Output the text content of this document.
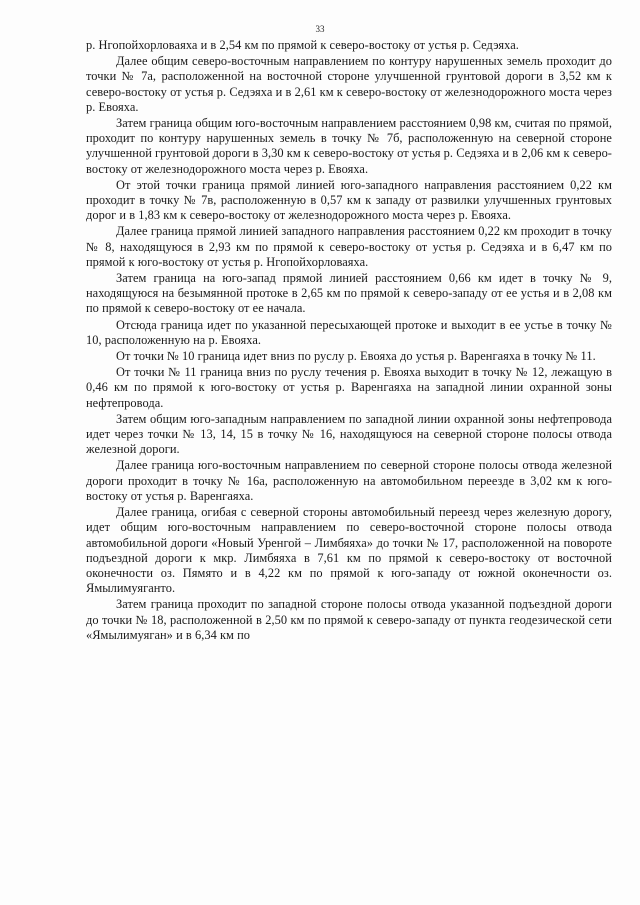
33

р. Нгопойхорловаяха и в 2,54 км по прямой к северо-востоку от устья р. Седэяха.

Далее общим северо-восточным направлением по контуру нарушенных земель проходит до точки № 7а, расположенной на восточной стороне улучшенной грунтовой дороги в 3,52 км к северо-востоку от устья р. Седэяха и в 2,61 км к северо-востоку от железнодорожного моста через р. Евояха.

Затем граница общим юго-восточным направлением расстоянием 0,98 км, считая по прямой, проходит по контуру нарушенных земель в точку № 7б, расположенную на северной стороне улучшенной грунтовой дороги в 3,30 км к северо-востоку от устья р. Седэяха и в 2,06 км к северо-востоку от железнодорожного моста через р. Евояха.

От этой точки граница прямой линией юго-западного направления расстоянием 0,22 км проходит в точку № 7в, расположенную в 0,57 км к западу от развилки улучшенных грунтовых дорог и в 1,83 км к северо-востоку от железнодорожного моста через р. Евояха.

Далее граница прямой линией западного направления расстоянием 0,22 км проходит в точку № 8, находящуюся в 2,93 км по прямой к северо-востоку от устья р. Седэяха и в 6,47 км по прямой к юго-востоку от устья р. Нгопойхорловаяха.

Затем граница на юго-запад прямой линией расстоянием 0,66 км идет в точку № 9, находящуюся на безымянной протоке в 2,65 км по прямой к северо-западу от ее устья и в 2,08 км по прямой к северо-востоку от ее начала.

Отсюда граница идет по указанной пересыхающей протоке и выходит в ее устье в точку № 10, расположенную на р. Евояха.

От точки № 10 граница идет вниз по руслу р. Евояха до устья р. Варенгаяха в точку № 11.

От точки № 11 граница вниз по руслу течения р. Евояха выходит в точку № 12, лежащую в 0,46 км по прямой к юго-востоку от устья р. Варенгаяха на западной линии охранной зоны нефтепровода.

Затем общим юго-западным направлением по западной линии охранной зоны нефтепровода идет через точки № 13, 14, 15 в точку № 16, находящуюся на северной стороне полосы отвода железной дороги.

Далее граница юго-восточным направлением по северной стороне полосы отвода железной дороги проходит в точку № 16а, расположенную на автомобильном переезде в 3,02 км к юго-востоку от устья р. Варенгаяха.

Далее граница, огибая с северной стороны автомобильный переезд через железную дорогу, идет общим юго-восточным направлением по северо-восточной стороне полосы отвода автомобильной дороги «Новый Уренгой – Лимбяяха» до точки № 17, расположенной на повороте подъездной дороги к мкр. Лимбяяха в 7,61 км по прямой к северо-востоку от восточной оконечности оз. Пямято и в 4,22 км по прямой к юго-западу от южной оконечности оз. Ямылимуяганто.

Затем граница проходит по западной стороне полосы отвода указанной подъездной дороги до точки № 18, расположенной в 2,50 км по прямой к северо-западу от пункта геодезической сети «Ямылимуяган» и в 6,34 км по
